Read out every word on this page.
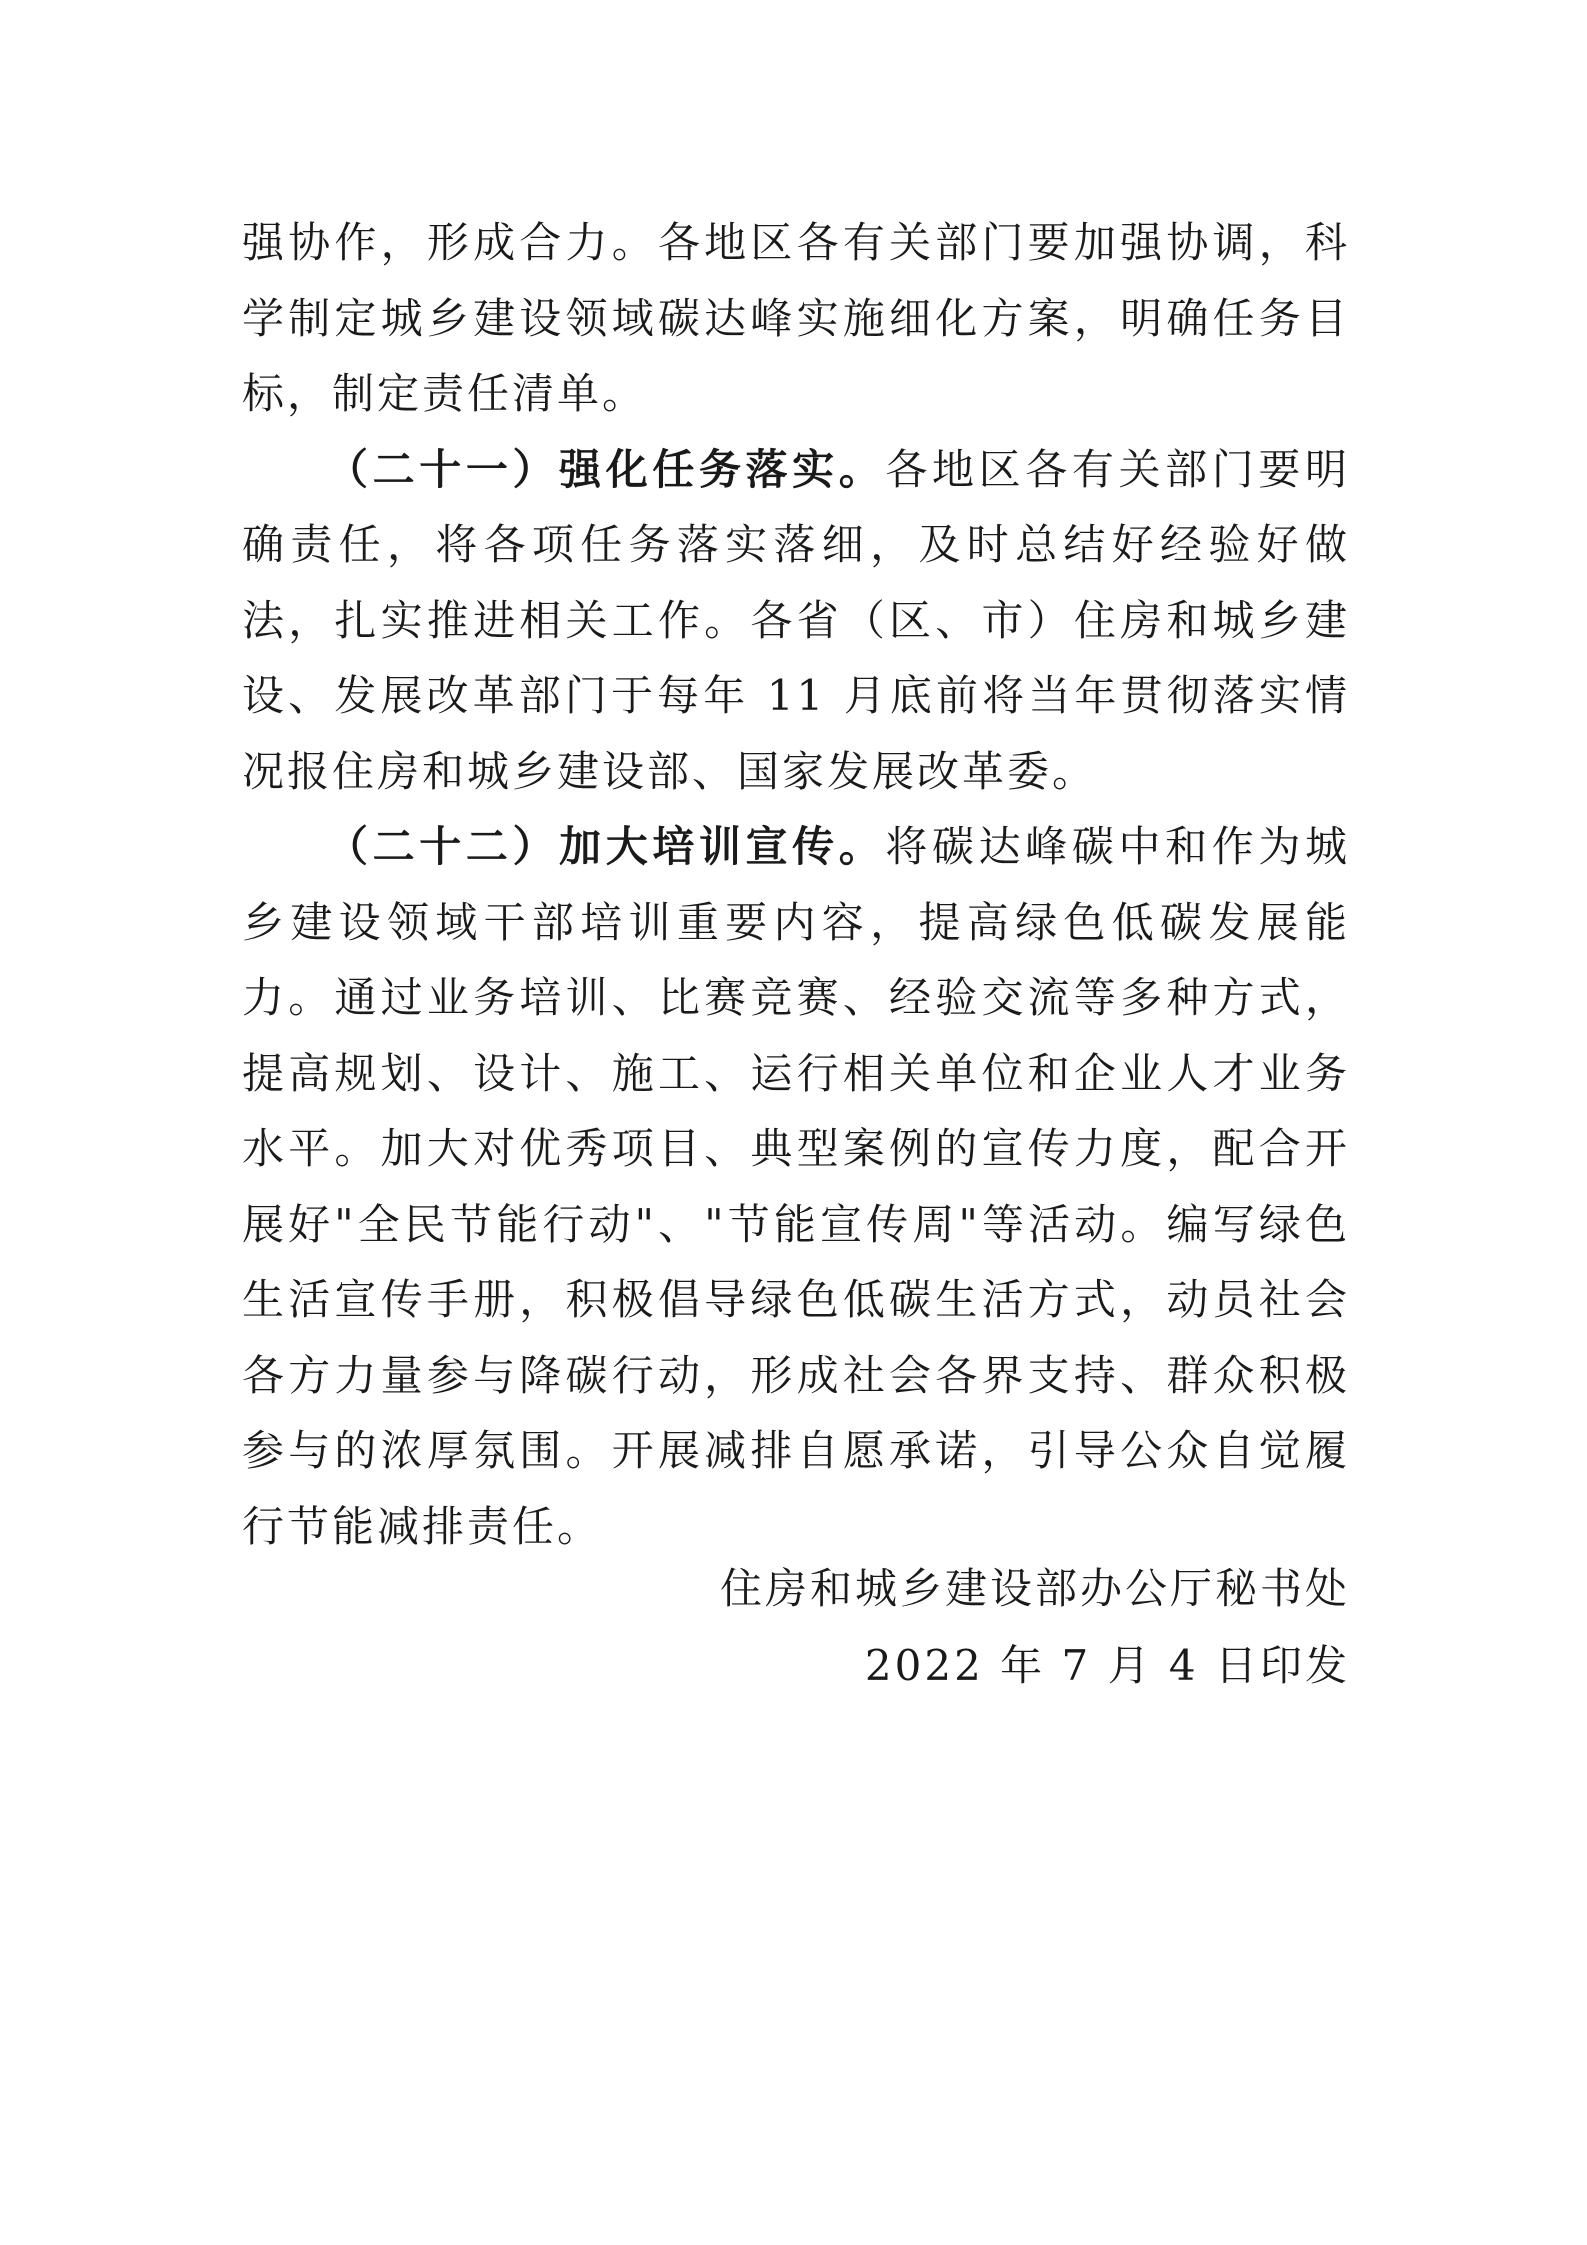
强协作，形成合力。各地区各有关部门要加强协调，科学制定城乡建设领域碳达峰实施细化方案，明确任务目标，制定责任清单。

（二十一）强化任务落实。各地区各有关部门要明确责任，将各项任务落实落细，及时总结好经验好做法，扎实推进相关工作。各省（区、市）住房和城乡建设、发展改革部门于每年 11 月底前将当年贯彻落实情况报住房和城乡建设部、国家发展改革委。

（二十二）加大培训宣传。将碳达峰碳中和作为城乡建设领域干部培训重要内容，提高绿色低碳发展能力。通过业务培训、比赛竞赛、经验交流等多种方式，提高规划、设计、施工、运行相关单位和企业人才业务水平。加大对优秀项目、典型案例的宣传力度，配合开展好"全民节能行动"、"节能宣传周"等活动。编写绿色生活宣传手册，积极倡导绿色低碳生活方式，动员社会各方力量参与降碳行动，形成社会各界支持、群众积极参与的浓厚氛围。开展减排自愿承诺，引导公众自觉履行节能减排责任。

住房和城乡建设部办公厅秘书处
2022 年 7 月 4 日印发
